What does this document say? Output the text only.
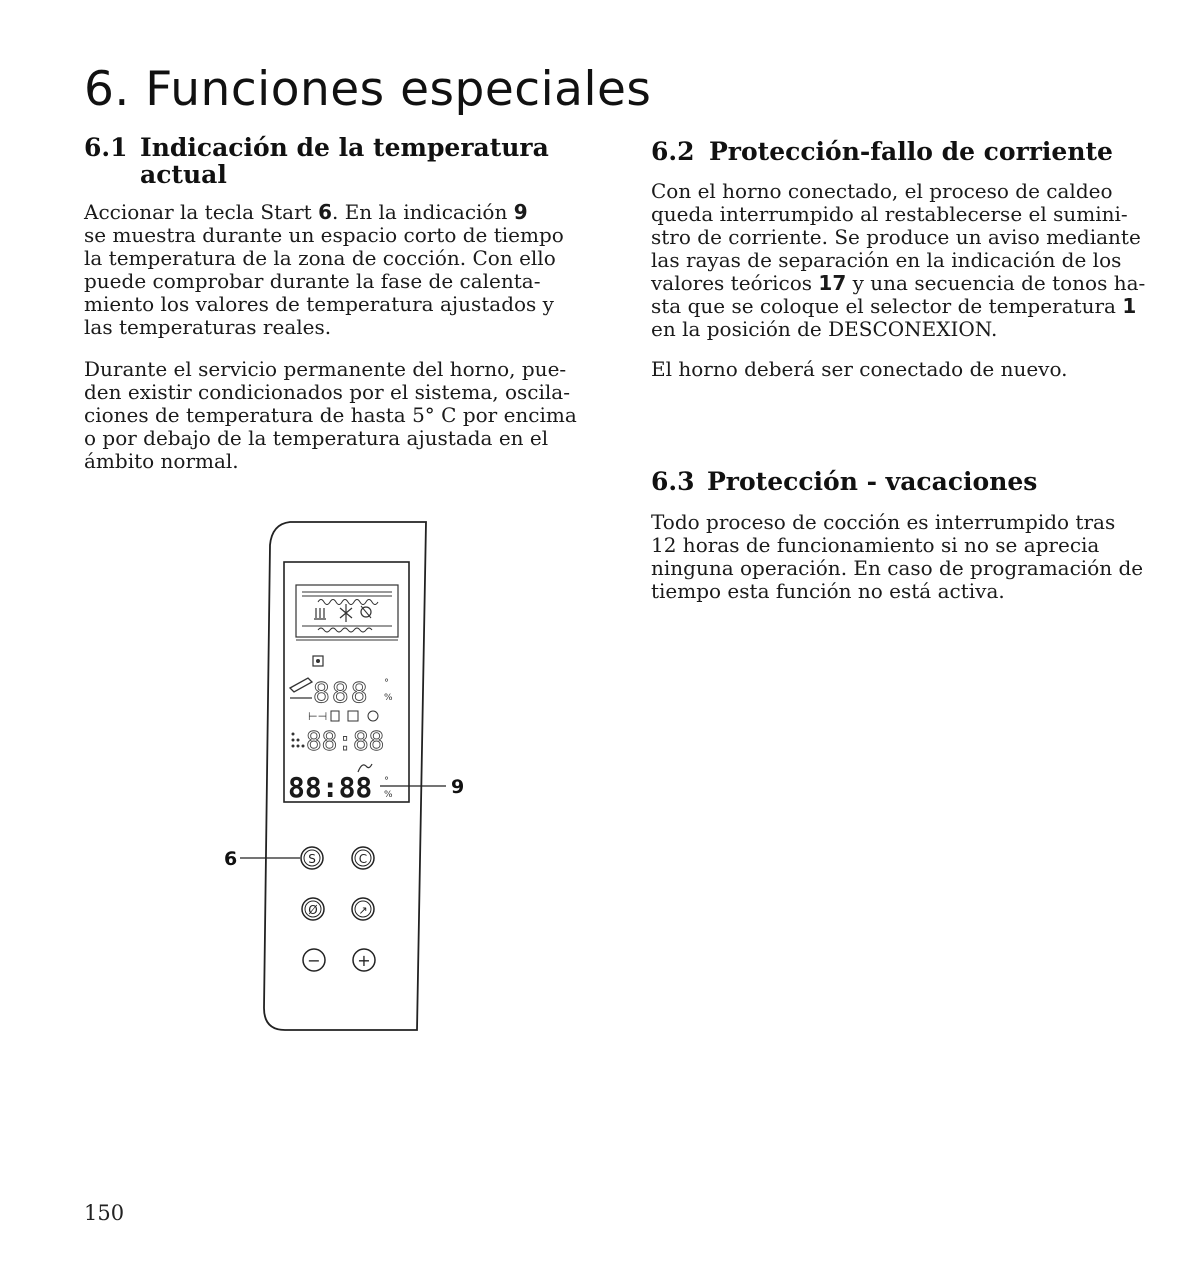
6. Funciones especiales
6.1 Indicación de la temperatura
actual
Accionar la tecla Start 6. En la indicación 9
se muestra durante un espacio corto de tiempo
la temperatura de la zona de cocción. Con ello
puede comprobar durante la fase de calenta-
miento los valores de temperatura ajustados y
las temperaturas reales.
Durante el servicio permanente del horno, pue-
den existir condicionados por el sistema, oscila-
ciones de temperatura de hasta 5° C por encima
o por debajo de la temperatura ajustada en el
ámbito normal.
6.2 Protección-fallo de corriente
Con el horno conectado, el proceso de caldeo
queda interrumpido al restablecerse el sumini-
stro de corriente. Se produce un aviso mediante
las rayas de separación en la indicación de los
valores teóricos 17 y una secuencia de tonos ha-
sta que se coloque el selector de temperatura 1
en la posición de DESCONEXION.
El horno deberá ser conectado de nuevo.
6.3 Protección - vacaciones
Todo proceso de cocción es interrumpido tras
12 horas de funcionamiento si no se aprecia
ninguna operación. En caso de programación de
tiempo esta función no está activa.
888 °
%
⊢⊣
88:88
88:88 °
%	9
6	S	C
Ø	↗
− +
150
